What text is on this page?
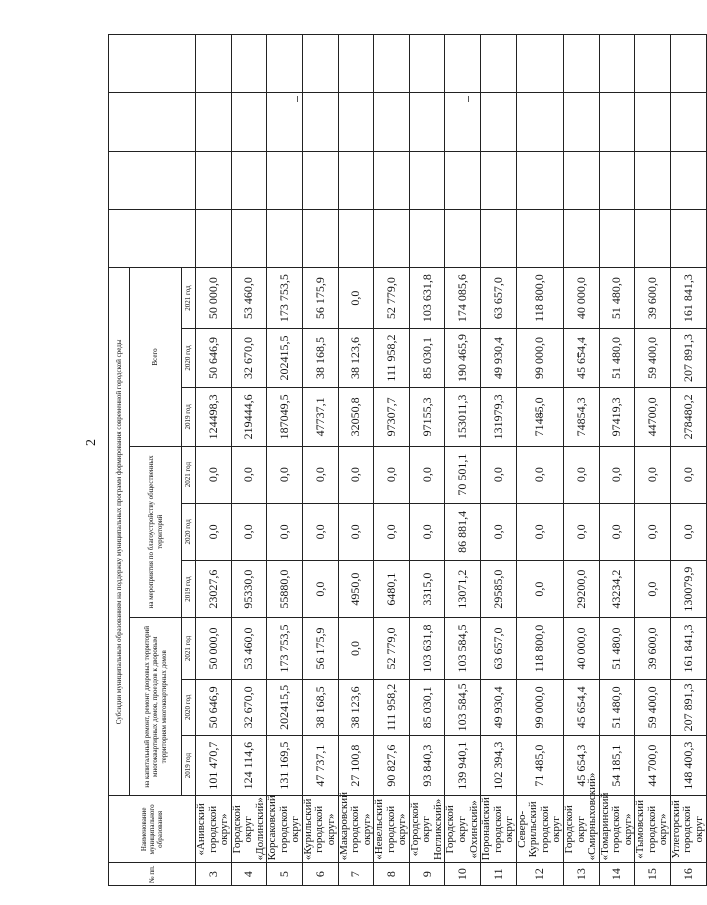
2
№ пп.	Наименование муниципального образования	Субсидии муниципальным образованиям на поддержку муниципальных программ формирования современной городской среды												
		на капитальный ремонт, ремонт дворовых территорий многоквартирных домов, проездов к дворовым территориям многоквартирных домов			на мероприятия по благоустройству общественных территорий			Всего						
		2019 год	2020 год	2021 год	2019 год	2020 год	2021 год	2019 год	2020 год	2021 год				
3	«Анивский городской округ»	101 470,7	50 646,9	50 000,0	23027,6	0,0	0,0	124498,3	50 646,9	50 000,0				
4	Городской округ «Долинский»	124 114,6	32 670,0	53 460,0	95330,0	0,0	0,0	219444,6	32 670,0	53 460,0				
5	Корсаковский городской округ	131 169,5	202415,5	173 753,5	55880,0	0,0	0,0	187049,5	202415,5	173 753,5				
6	«Курильский городской округ»	47 737,1	38 168,5	56 175,9	0,0	0,0	0,0	47737,1	38 168,5	56 175,9				
7	«Макаровский городской округ»	27 100,8	38 123,6	0,0	4950,0	0,0	0,0	32050,8	38 123,6	0,0				
8	«Невельский городской округ»	90 827,6	111 958,2	52 779,0	6480,1	0,0	0,0	97307,7	111 958,2	52 779,0				
9	«Городской округ Ногликский»	93 840,3	85 030,1	103 631,8	3315,0	0,0	0,0	97155,3	85 030,1	103 631,8				
10	Городской округ «Охинский»	139 940,1	103 584,5	103 584,5	13071,2	86 881,4	70 501,1	153011,3	190 465,9	174 085,6				
11	Поронайский городской округ	102 394,3	49 930,4	63 657,0	29585,0	0,0	0,0	131979,3	49 930,4	63 657,0				
12	Северо-Курильский городской округ	71 485,0	99 000,0	118 800,0	0,0	0,0	0,0	71485,0	99 000,0	118 800,0				
13	Городской округ «Смирныховский»	45 654,3	45 654,4	40 000,0	29200,0	0,0	0,0	74854,3	45 654,4	40 000,0				
14	«Томаринский городской округ»	54 185,1	51 480,0	51 480,0	43234,2	0,0	0,0	97419,3	51 480,0	51 480,0				
15	«Тымовский городской округ»	44 700,0	59 400,0	39 600,0	0,0	0,0	0,0	44700,0	59 400,0	39 600,0				
16	Углегорский городской округ	148 400,3	207 891,3	161 841,3	130079,9	0,0	0,0	278480,2	207 891,3	161 841,3				
